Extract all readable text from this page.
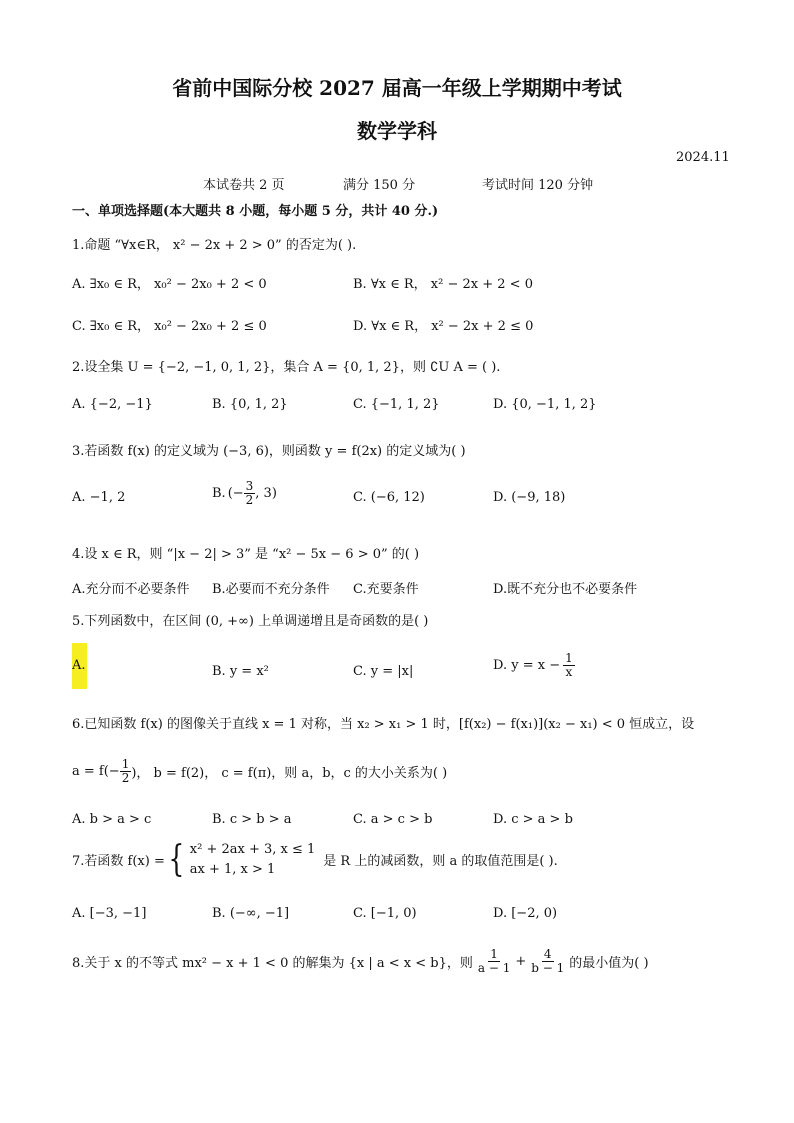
省前中国际分校 2027 届高一年级上学期期中考试
数学学科
2024.11
本试卷共 2 页	满分 150 分	考试时间 120 分钟
一、单项选择题(本大题共 8 小题，每小题 5 分，共计 40 分.)
1.命题 “∀x∈R， x² − 2x + 2 > 0” 的否定为( ).
A. ∃x₀ ∈ R， x₀² − 2x₀ + 2 < 0	B. ∀x ∈ R， x² − 2x + 2 < 0
C. ∃x₀ ∈ R， x₀² − 2x₀ + 2 ≤ 0	D. ∀x ∈ R， x² − 2x + 2 ≤ 0
2.设全集 U = {−2, −1, 0, 1, 2}，集合 A = {0, 1, 2}，则 ∁U A = ( ).
A. {−2, −1}	B. {0, 1, 2}	C. {−1, 1, 2}	D. {0, −1, 1, 2}
3.若函数 f(x) 的定义域为 (−3, 6)，则函数 y = f(2x) 的定义域为( )
A. −1, 2	B. (− $\frac{3}{2}$ , 3)	C. (−6, 12)	D. (−9, 18)
4.设 x ∈ R，则 “|x − 2| > 3” 是 “x² − 5x − 6 > 0” 的( )
A.充分而不必要条件 B.必要而不充分条件 C.充要条件	D.既不充分也不必要条件
5.下列函数中，在区间 (0, +∞) 上单调递增且是奇函数的是( )
A.	B. y = x²	C. y = |x|	D. $y = x - \frac{1}{x}$
6.已知函数 f(x) 的图像关于直线 x = 1 对称，当 x₂ > x₁ > 1 时，[f(x₂) − f(x₁)](x₂ − x₁) < 0 恒成立，设
$a = f(- \frac{1}{2}$ )， b = f(2)， c = f(π)，则 a，b，c 的大小关系为( )
A. b > a > c	B. c > b > a	C. a > c > b	D. c > a > b
7.若函数 f(x) = { x² + 2ax + 3, x ≤ 1
ax + 1, x > 1	是 R 上的减函数，则 a 的取值范围是( ).
A. [−3, −1]	B. (−∞, −1]	C. [−1, 0)	D. [−2, 0)
8.关于 x 的不等式 mx² − x + 1 < 0 的解集为 {x | a < x < b}，则 $\frac{1}{a - 1} + \frac{4}{b - 1}$ 的最小值为( )
